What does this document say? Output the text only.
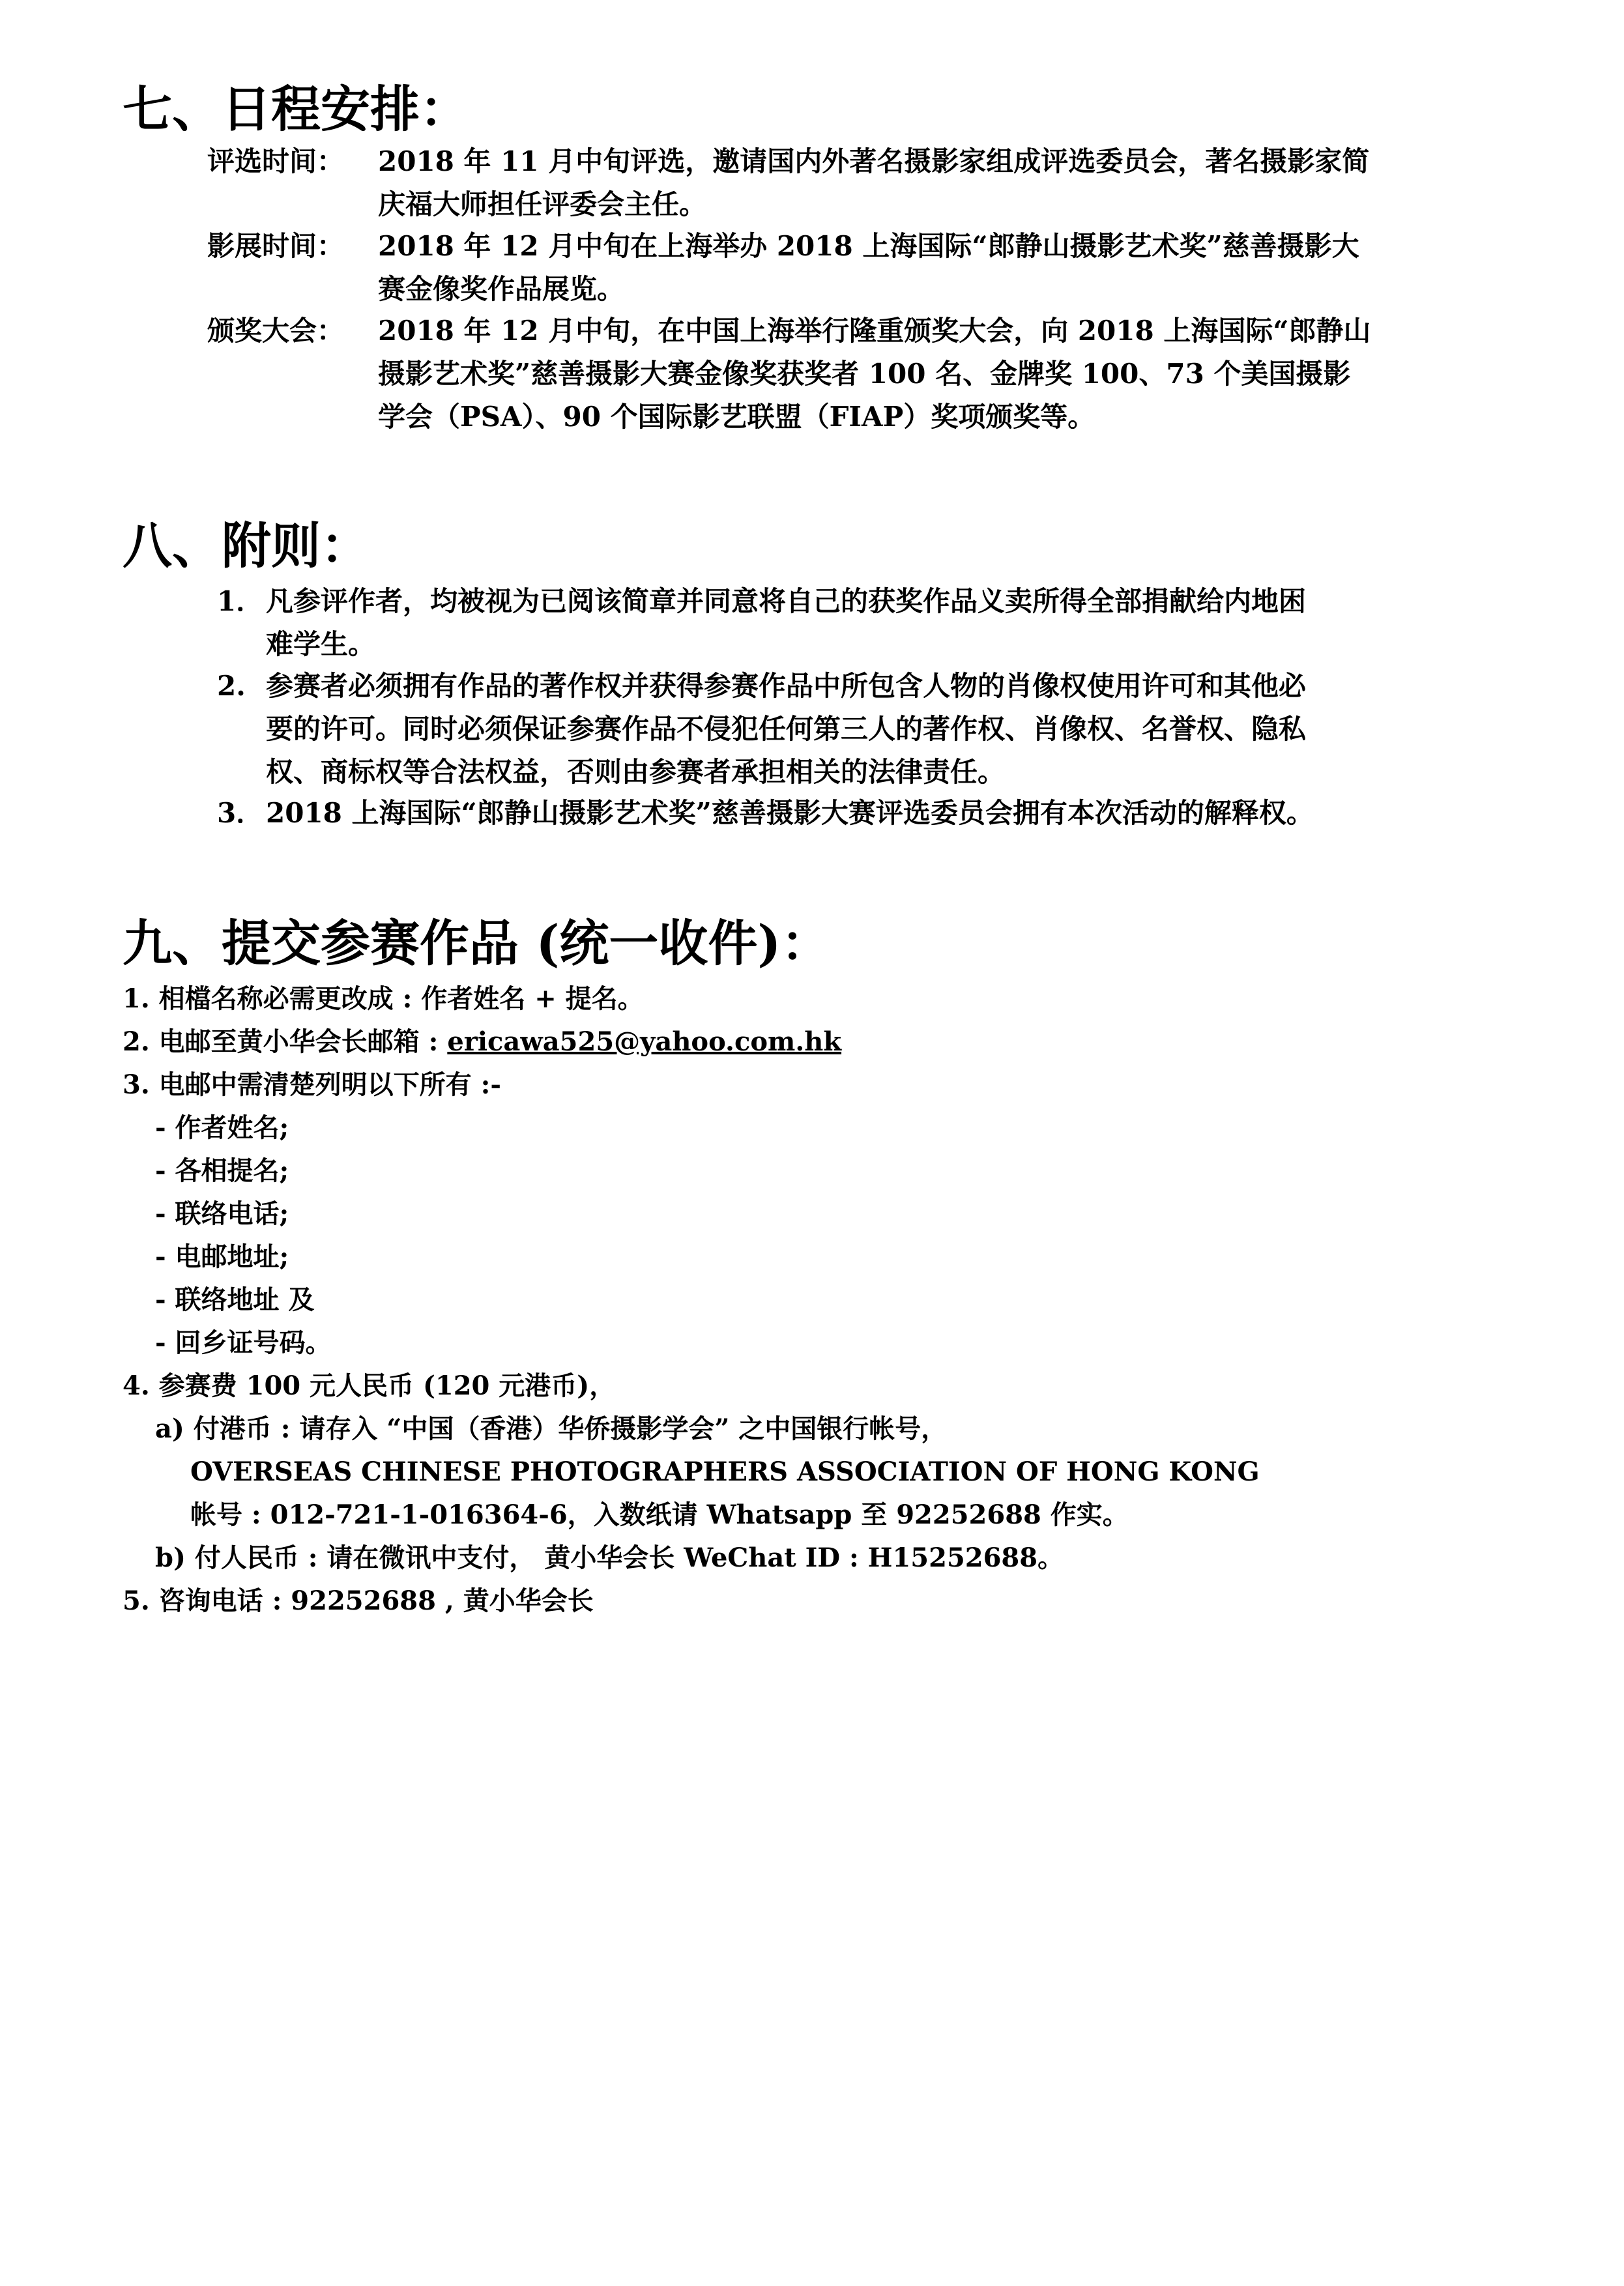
七、日程安排：
评选时间：	2018 年 11 月中旬评选，邀请国内外著名摄影家组成评选委员会，著名摄影家简
庆福大师担任评委会主任。
影展时间：	2018 年 12 月中旬在上海举办 2018 上海国际“郎静山摄影艺术奖”慈善摄影大
赛金像奖作品展览。
颁奖大会：	2018 年 12 月中旬，在中国上海举行隆重颁奖大会，向 2018 上海国际“郎静山
摄影艺术奖”慈善摄影大赛金像奖获奖者 100 名、金牌奖 100、73 个美国摄影
学会（PSA）、90 个国际影艺联盟（FIAP）奖项颁奖等。
八、附则：
1． 凡参评作者，均被视为已阅该简章并同意将自己的获奖作品义卖所得全部捐献给内地困
难学生。
2. 参赛者必须拥有作品的著作权并获得参赛作品中所包含人物的肖像权使用许可和其他必
要的许可。同时必须保证参赛作品不侵犯任何第三人的著作权、肖像权、名誉权、隐私
权、商标权等合法权益，否则由参赛者承担相关的法律责任。
3． 2018 上海国际“郎静山摄影艺术奖”慈善摄影大赛评选委员会拥有本次活动的解释权。
九、提交参赛作品 (统一收件)：
1. 相檔名称必需更改成 : 作者姓名 + 提名。
2. 电邮至黄小华会长邮箱 : ericawa525@yahoo.com.hk
3. 电邮中需清楚列明以下所有 :-
- 作者姓名;
- 各相提名;
- 联络电话;
- 电邮地址;
- 联络地址 及
- 回乡证号码。
4. 参赛费 100 元人民币 (120 元港币)，
a) 付港币 : 请存入 “中国（香港）华侨摄影学会” 之中国银行帐号，
OVERSEAS CHINESE PHOTOGRAPHERS ASSOCIATION OF HONG KONG
帐号 : 012-721-1-016364-6，入数纸请 Whatsapp 至 92252688 作实。
b) 付人民币 : 请在微讯中支付， 黄小华会长 WeChat ID : H15252688。
5. 咨询电话 : 92252688 , 黄小华会长
